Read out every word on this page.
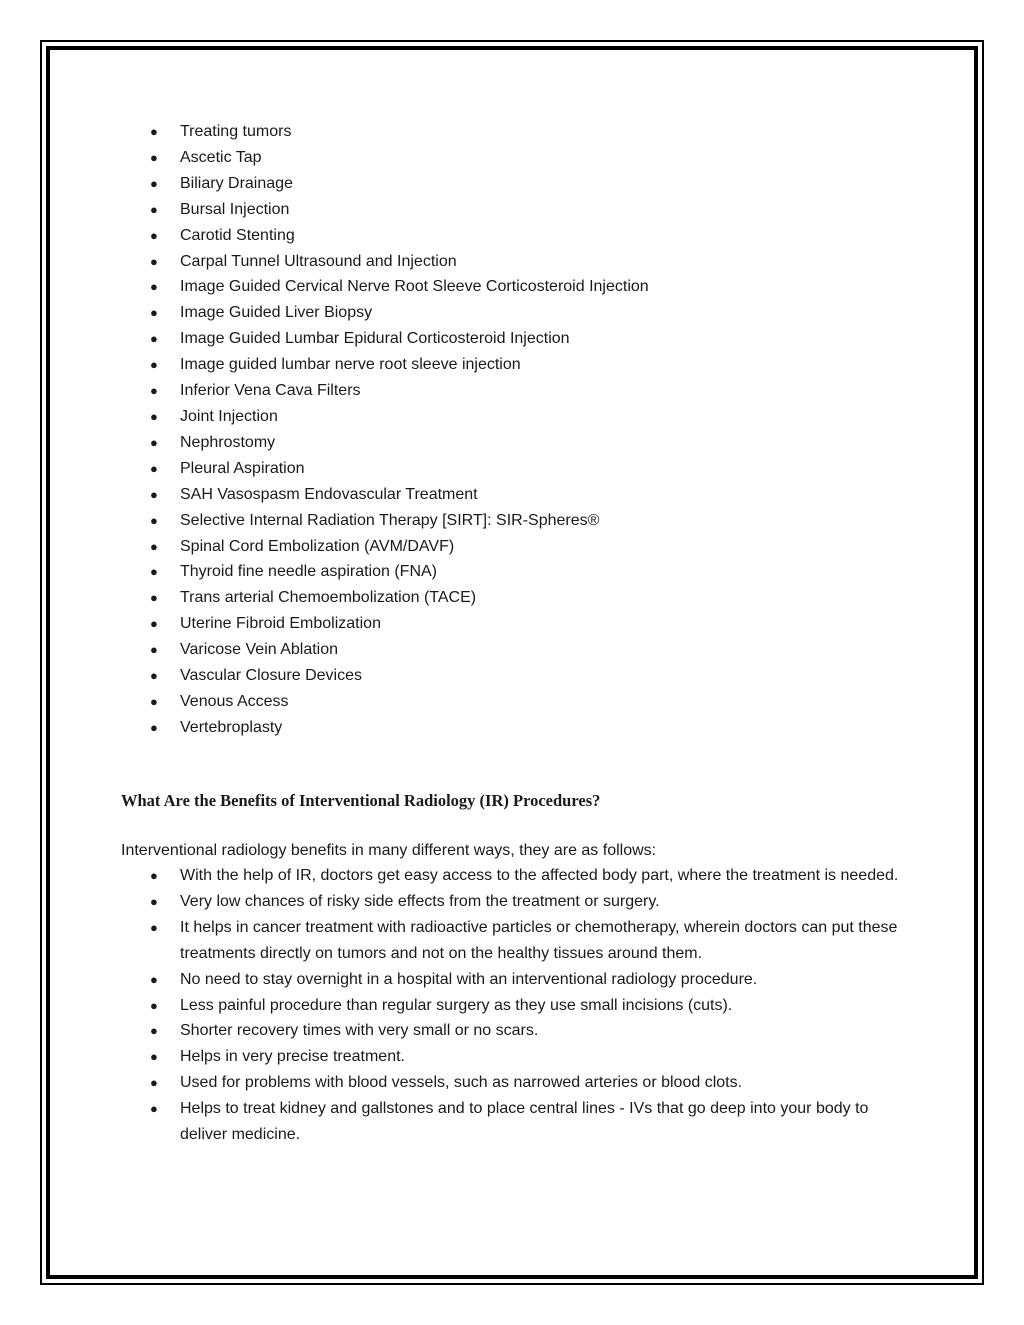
●	Treating tumors
●	Ascetic Tap
●	Biliary Drainage
●	Bursal Injection
●	Carotid Stenting
●	Carpal Tunnel Ultrasound and Injection
●	Image Guided Cervical Nerve Root Sleeve Corticosteroid Injection
●	Image Guided Liver Biopsy
●	Image Guided Lumbar Epidural Corticosteroid Injection
●	Image guided lumbar nerve root sleeve injection
●	Inferior Vena Cava Filters
●	Joint Injection
●	Nephrostomy
●	Pleural Aspiration
●	SAH Vasospasm Endovascular Treatment
●	Selective Internal Radiation Therapy [SIRT]: SIR-Spheres®
●	Spinal Cord Embolization (AVM/DAVF)
●	Thyroid fine needle aspiration (FNA)
●	Trans arterial Chemoembolization (TACE)
●	Uterine Fibroid Embolization
●	Varicose Vein Ablation
●	Vascular Closure Devices
●	Venous Access
●	Vertebroplasty
What Are the Benefits of Interventional Radiology (IR) Procedures?

Interventional radiology benefits in many different ways, they are as follows:

●	With the help of IR, doctors get easy access to the affected body part, where the treatment is needed.
●	Very low chances of risky side effects from the treatment or surgery.
●	It helps in cancer treatment with radioactive particles or chemotherapy, wherein doctors can put these treatments directly on tumors and not on the healthy tissues around them.
●	No need to stay overnight in a hospital with an interventional radiology procedure.
●	Less painful procedure than regular surgery as they use small incisions (cuts).
●	Shorter recovery times with very small or no scars.
●	Helps in very precise treatment.
●	Used for problems with blood vessels, such as narrowed arteries or blood clots.
●	Helps to treat kidney and gallstones and to place central lines - IVs that go deep into your body to deliver medicine.
